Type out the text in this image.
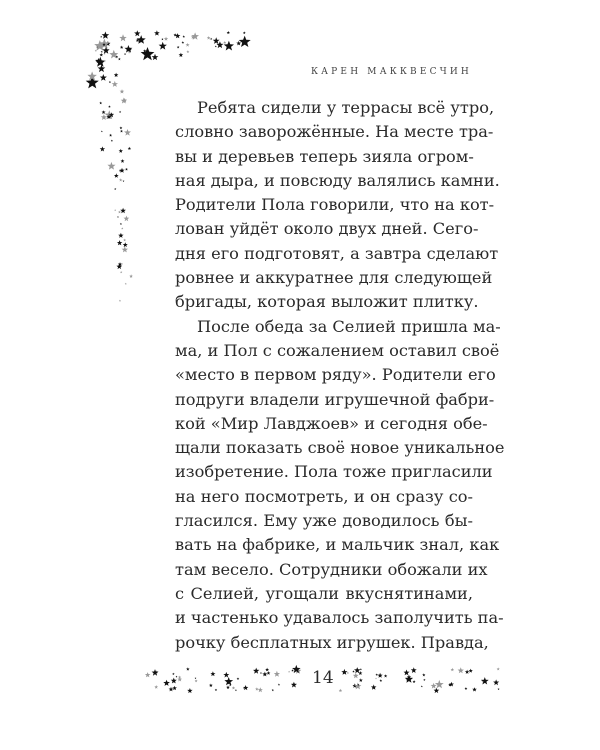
КАРЕН МАККВЕСЧИН
Ребята сидели у террасы всё утро,
словно заворожённые. На месте тра-
вы и деревьев теперь зияла огром-
ная дыра, и повсюду валялись камни.
Родители Пола говорили, что на кот-
лован уйдёт около двух дней. Сего-
дня его подготовят, а завтра сделают
ровнее и аккуратнее для следующей
бригады, которая выложит плитку.
После обеда за Селией пришла ма-
ма, и Пол с сожалением оставил своё
«место в первом ряду». Родители его
подруги владели игрушечной фабри-
кой «Мир Лавджоев» и сегодня обе-
щали показать своё новое уникальное
изобретение. Пола тоже пригласили
на него посмотреть, и он сразу со-
гласился. Ему уже доводилось бы-
вать на фабрике, и мальчик знал, как
там весело. Сотрудники обожали их
с Селией, угощали вкуснятинами,
и частенько удавалось заполучить па-
рочку бесплатных игрушек. Правда,
14
